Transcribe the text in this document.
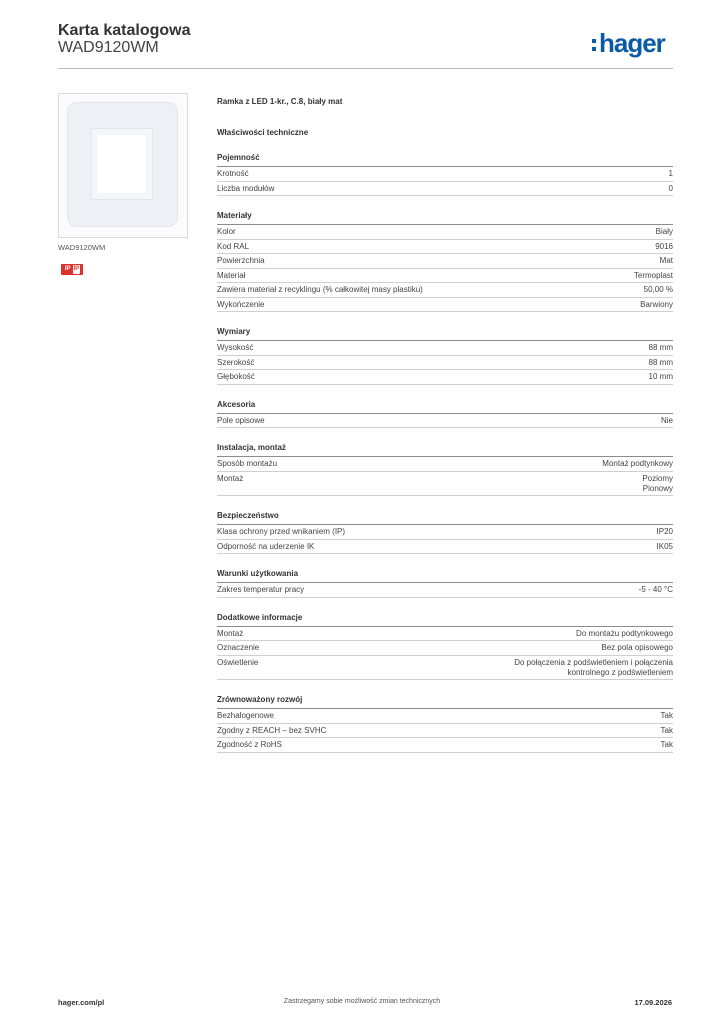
Karta katalogowa
WAD9120WM	hager
WAD9120WM
IP IP
Ramka z LED 1-kr., C.8, biały mat
Właściwości techniczne
Pojemność
Krotność	1
Liczba modułów	0
Materiały
Kolor	Biały
Kod RAL	9016
Powierzchnia	Mat
Materiał	Termoplast
Zawiera materiał z recyklingu (% całkowitej masy plastiku)	50,00 %
Wykończenie	Barwiony
Wymiary
Wysokość	88 mm
Szerokość	88 mm
Głębokość	10 mm
Akcesoria
Pole opisowe	Nie
Instalacja, montaż
Sposób montażu	Montaż podtynkowy
Montaż	Poziomy
Pionowy
Bezpieczeństwo
Klasa ochrony przed wnikaniem (IP)	IP20
Odporność na uderzenie IK	IK05
Warunki użytkowania
Zakres temperatur pracy	-5 - 40 °C
Dodatkowe informacje
Montaż	Do montażu podtynkowego
Oznaczenie	Bez pola opisowego
Oświetlenie	Do połączenia z podświetleniem i połączenia
kontrolnego z podświetleniem
Zrównoważony rozwój
Bezhalogenowe	Tak
Zgodny z REACH – bez SVHC	Tak
Zgodność z RoHS	Tak
hager.com/pl	Zastrzegamy sobie możliwość zmian technicznych	17.09.2026
